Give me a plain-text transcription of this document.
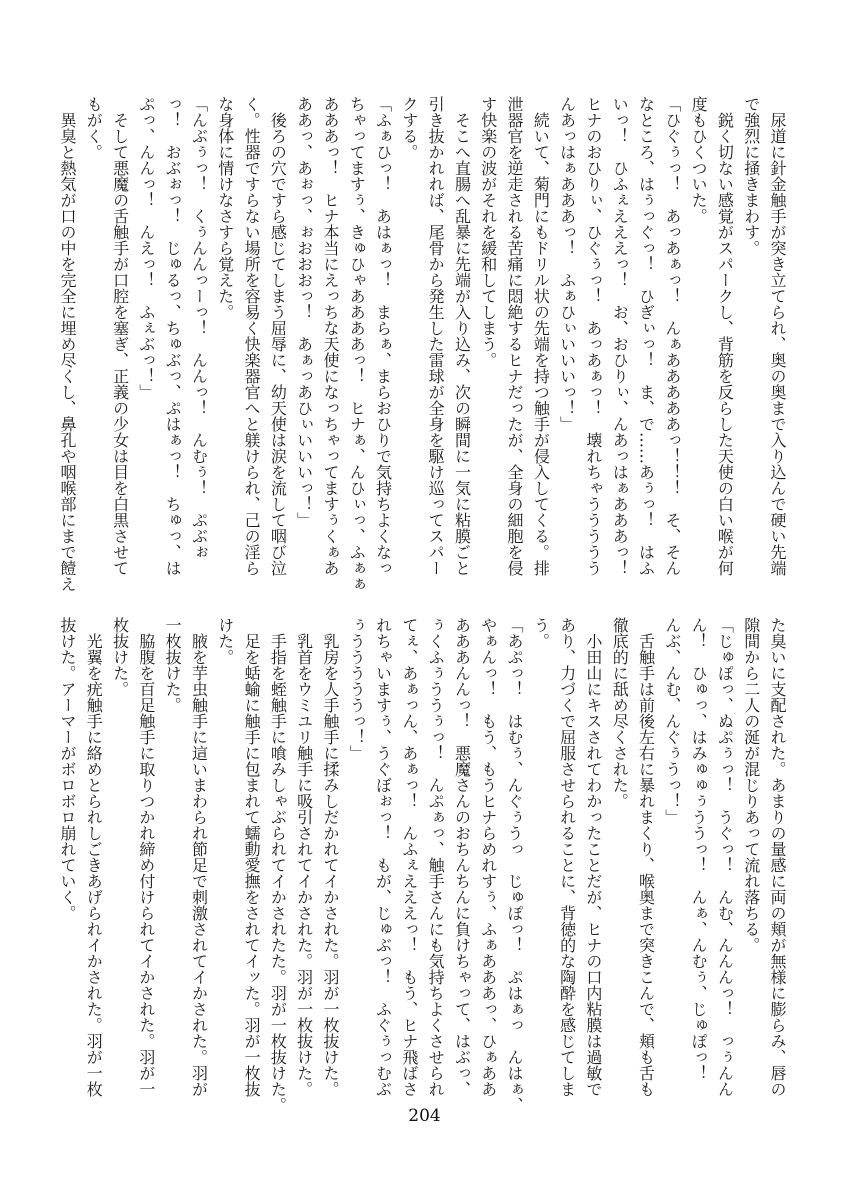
　尿道に針金触手が突き立てられ、奥の奥まで入り込んで硬い先端
で強烈に掻きまわす。
　鋭く切ない感覚がスパークし、背筋を反らした天使の白い喉が何
度もひくついた。
「ひぐぅっ！　あっあぁっ！　んぁあああああっ！！！　そ、そん
なところ、はぅっぐっ！　ひぎぃっ！　ま、で……あぅっ！　はふ
いっ！　ひふぇえええっ！　お、おひりぃ、んあっはぁあああっ！
ヒナのおひりぃ、ひぐぅっ！　あっあぁっ！　壊れちゃううううう
んあっはぁあああっ！　ふぁひぃいいいっ！」
　続いて、菊門にもドリル状の先端を持つ触手が侵入してくる。排
泄器官を逆走される苦痛に悶絶するヒナだったが、全身の細胞を侵
す快楽の波がそれを緩和してしまう。
　そこへ直腸へ乱暴に先端が入り込み、次の瞬間に一気に粘膜ごと
引き抜かれれば、尾骨から発生した雷球が全身を駆け巡ってスパー
クする。
「ふぁひっ！　あはぁっ！　まらぁ、まらおひりで気持ちよくなっ
ちゃってますぅ、きゅひゃああああっ！　ヒナぁ、んひぃっ、ふぁぁ
あああっ！　ヒナ本当にえっちな天使になっちゃってますぅくぁあ
ああっ、あぉっ、ぉおおおっ！　あぁっあひぃいいいっ！」
　後ろの穴ですら感じてしまう屈辱に、幼天使は涙を流して咽び泣
く。性器ですらない場所を容易く快楽器官へと躾けられ、己の淫ら
な身体に情けなさすら覚えた。
「んぶぅっ！　くぅんんっーっ！　んんっ！　んむぅ！　ぷぶぉ
っ！　おぶぉっ！　じゅるっ、ちゅぶっ、ぷはぁっ！　ちゅっ、は
ぷっ、んんっ！　んえっ！　ふぇぶっ！」
　そして悪魔の舌触手が口腔を塞ぎ、正義の少女は目を白黒させて
もがく。
　異臭と熱気が口の中を完全に埋め尽くし、鼻孔や咽喉部にまで饐え
た臭いに支配された。あまりの量感に両の頬が無様に膨らみ、唇の
隙間から二人の涎が混じりあって流れ落ちる。
「じゅぽっ、ぬぷぅっ！　うぐっ！　んむ、んんんっ！　っぅんん
ん！　ひゅっ、はみゅゅぅううっ！　んぁ、んむぅ、じゅぽっ！
んぶ、んむ、んぐぅうっ！」
　舌触手は前後左右に暴れまくり、喉奥まで突きこんで、頬も舌も
徹底的に舐め尽くされた。
　小田山にキスされてわかったことだが、ヒナの口内粘膜は過敏で
あり、力づくで屈服させられることに、背徳的な陶酔を感じてしま
う。
「あぷっ！　はむぅ、んぐぅうっ　じゅぽっ！　ぷはぁっ　んはぁ、
やぁんっ！　もう、もうヒナらめれすぅ、ふぁあああっ、ひぁああ
あああんんっ！　悪魔さんのおちんちんに負けちゃって、はぶっ、
ぅくふぅううぅっ！　んぷぁっ、触手さんにも気持ちよくさせられ
てぇ、あぁっん、あぁっ！　んふぇえええっ！　もう、ヒナ飛ばさ
れちゃいますぅ、うぐぼぉっ！　もが、じゅぶっ！　ふぐぅっむぶ
ぅうううううっ！」
　乳房を人手触手に揉みしだかれてイかされた。羽が一枚抜けた。
　乳首をウミユリ触手に吸引されてイかされた。羽が一枚抜けた。
　手指を蛭触手に喰みしゃぶられてイかされたた。羽が一枚抜けた。
　足を蛞蝓に触手に包まれて蠕動愛撫をされてイッた。羽が一枚抜
けた。
　腋を芋虫触手に這いまわられ節足で刺激されてイかされた。羽が
一枚抜けた。
　脇腹を百足触手に取りつかれ締め付けられてイかされた。羽が一
枚抜けた。
　光翼を疣触手に絡めとられしごきあげられイかされた。羽が一枚
抜けた。アーマーがボロボロ崩れていく。
204
